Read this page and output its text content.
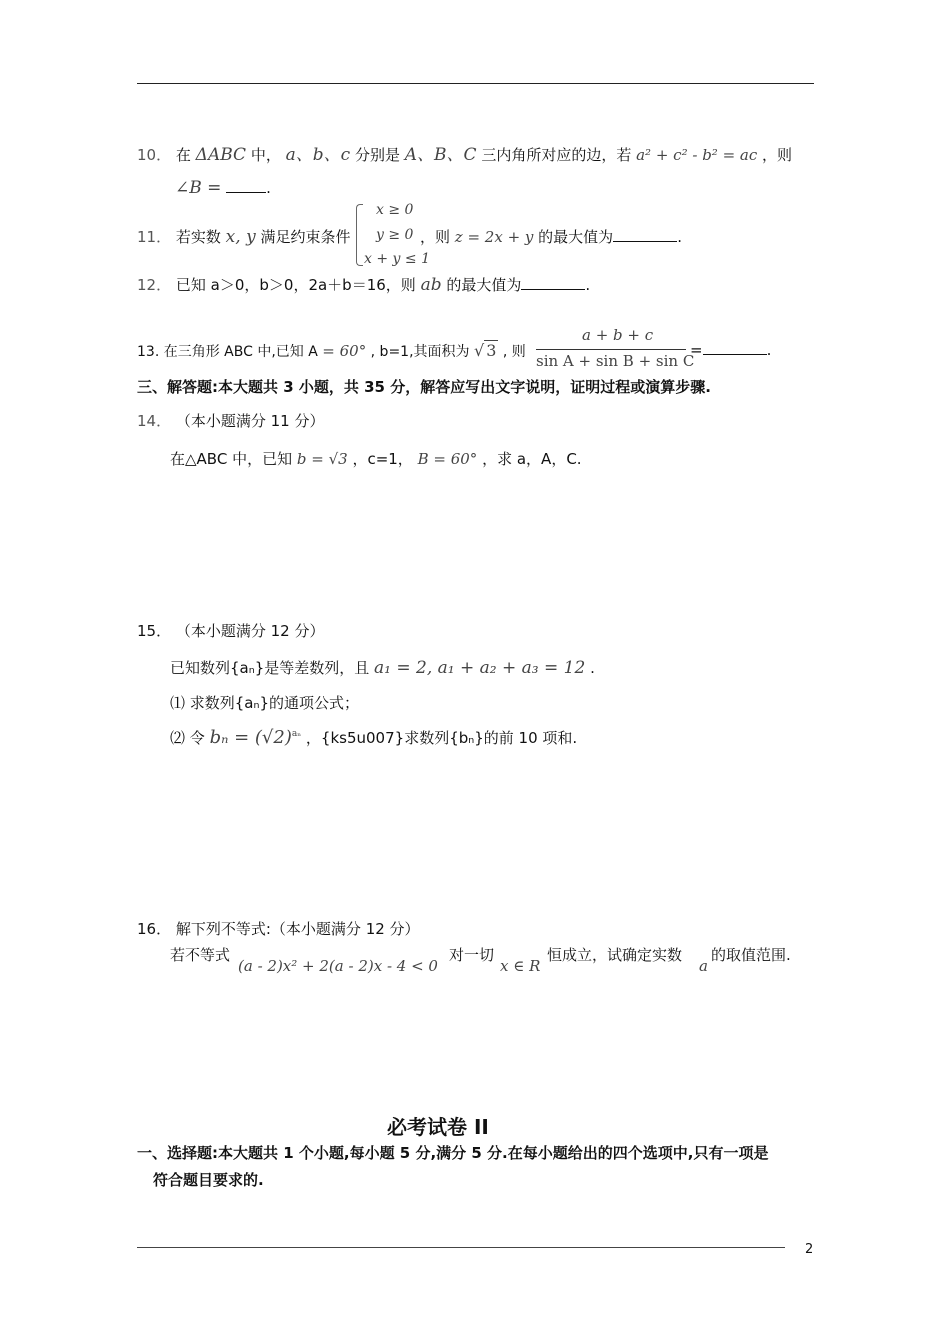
10． 在 ΔABC 中， a、b、c 分别是 A、B、C 三内角所对应的边，若 a² + c² - b² = ac ，则
∠B =	.
11． 若实数 x, y 满足约束条件
x ≥ 0
y ≥ 0
x + y ≤ 1
，则 z = 2x + y 的最大值为	.
12． 已知 a＞0，b＞0，2a＋b＝16，则 ab 的最大值为	.
13. 在三角形 ABC 中,已知 A = 60° , b=1,其面积为 √ 3 , 则
a + b + c
sin A + sin B + sin C
=	.
三、解答题:本大题共 3 小题，共 35 分，解答应写出文字说明，证明过程或演算步骤.
14． （本小题满分 11 分）
在△ABC 中，已知 b = √3 ，c=1， B = 60° ，求 a，A，C.
15． （本小题满分 12 分）
已知数列{aₙ}是等差数列，且 a₁ = 2, a₁ + a₂ + a₃ = 12 .
⑴ 求数列{aₙ}的通项公式；
⑵ 令 $b_n = (√2)^{a_n}$ ，{ks5u007}求数列{bₙ}的前 10 项和.
16． 解下列不等式:（本小题满分 12 分）
若不等式
(a - 2)x² + 2(a - 2)x - 4 < 0
对一切
x ∈ R
恒成立，试确定实数
a
的取值范围.
必考试卷 II
一、选择题:本大题共 1 个小题,每小题 5 分,满分 5 分.在每小题给出的四个选项中,只有一项是
符合题目要求的.
2
